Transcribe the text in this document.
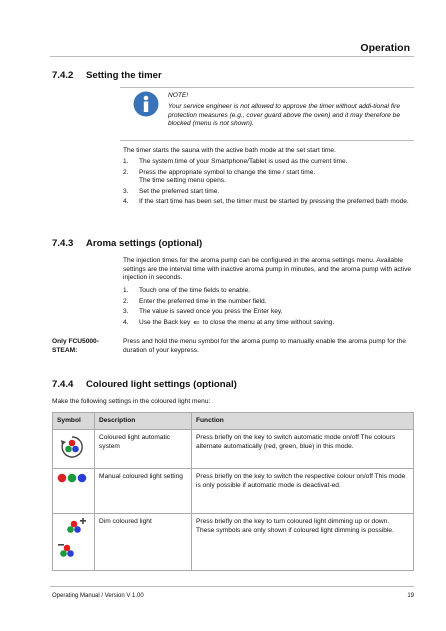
Operation
7.4.2 Setting the timer
NOTE!
Your service engineer is not allowed to approve the timer without addi-tional fire protection measures (e.g., cover guard above the oven) and it may therefore be blocked (menu is not shown).
The timer starts the sauna with the active bath mode at the set start time.
1.	The system time of your Smartphone/Tablet is used as the current time.
2.	Press the appropriate symbol to change the time / start time.
The time setting menu opens.
3.	Set the preferred start time.
4.	If the start time has been set, the timer must be started by pressing the preferred bath mode.
7.4.3 Aroma settings (optional)
The injection times for the aroma pump can be configured in the aroma settings menu. Available settings are the interval time with inactive aroma pump in minutes, and the aroma pump with active injection in seconds.
1.	Touch one of the time fields to enable.
2.	Enter the preferred time in the number field.
3.	The value is saved once you press the Enter key.
4.	Use the Back key ⇐ to close the menu at any time without saving.
Only FCU5000-STEAM:
Press and hold the menu symbol for the aroma pump to manually enable the aroma pump for the duration of your keypress.
7.4.4 Coloured light settings (optional)
Make the following settings in the coloured light menu:
Symbol	Description	Function
	Coloured light automatic system	Press briefly on the key to switch automatic mode on/off The colours alternate automatically (red, green, blue) in this mode.
	Manual coloured light setting	Press briefly on the key to switch the respective colour on/off This mode is only possible if automatic mode is deactivat-ed.
	Dim coloured light	Press briefly on the key to turn coloured light dimming up or down. These symbols are only shown if coloured light dimming is possible.
Operating Manual / Version V 1.00	19
